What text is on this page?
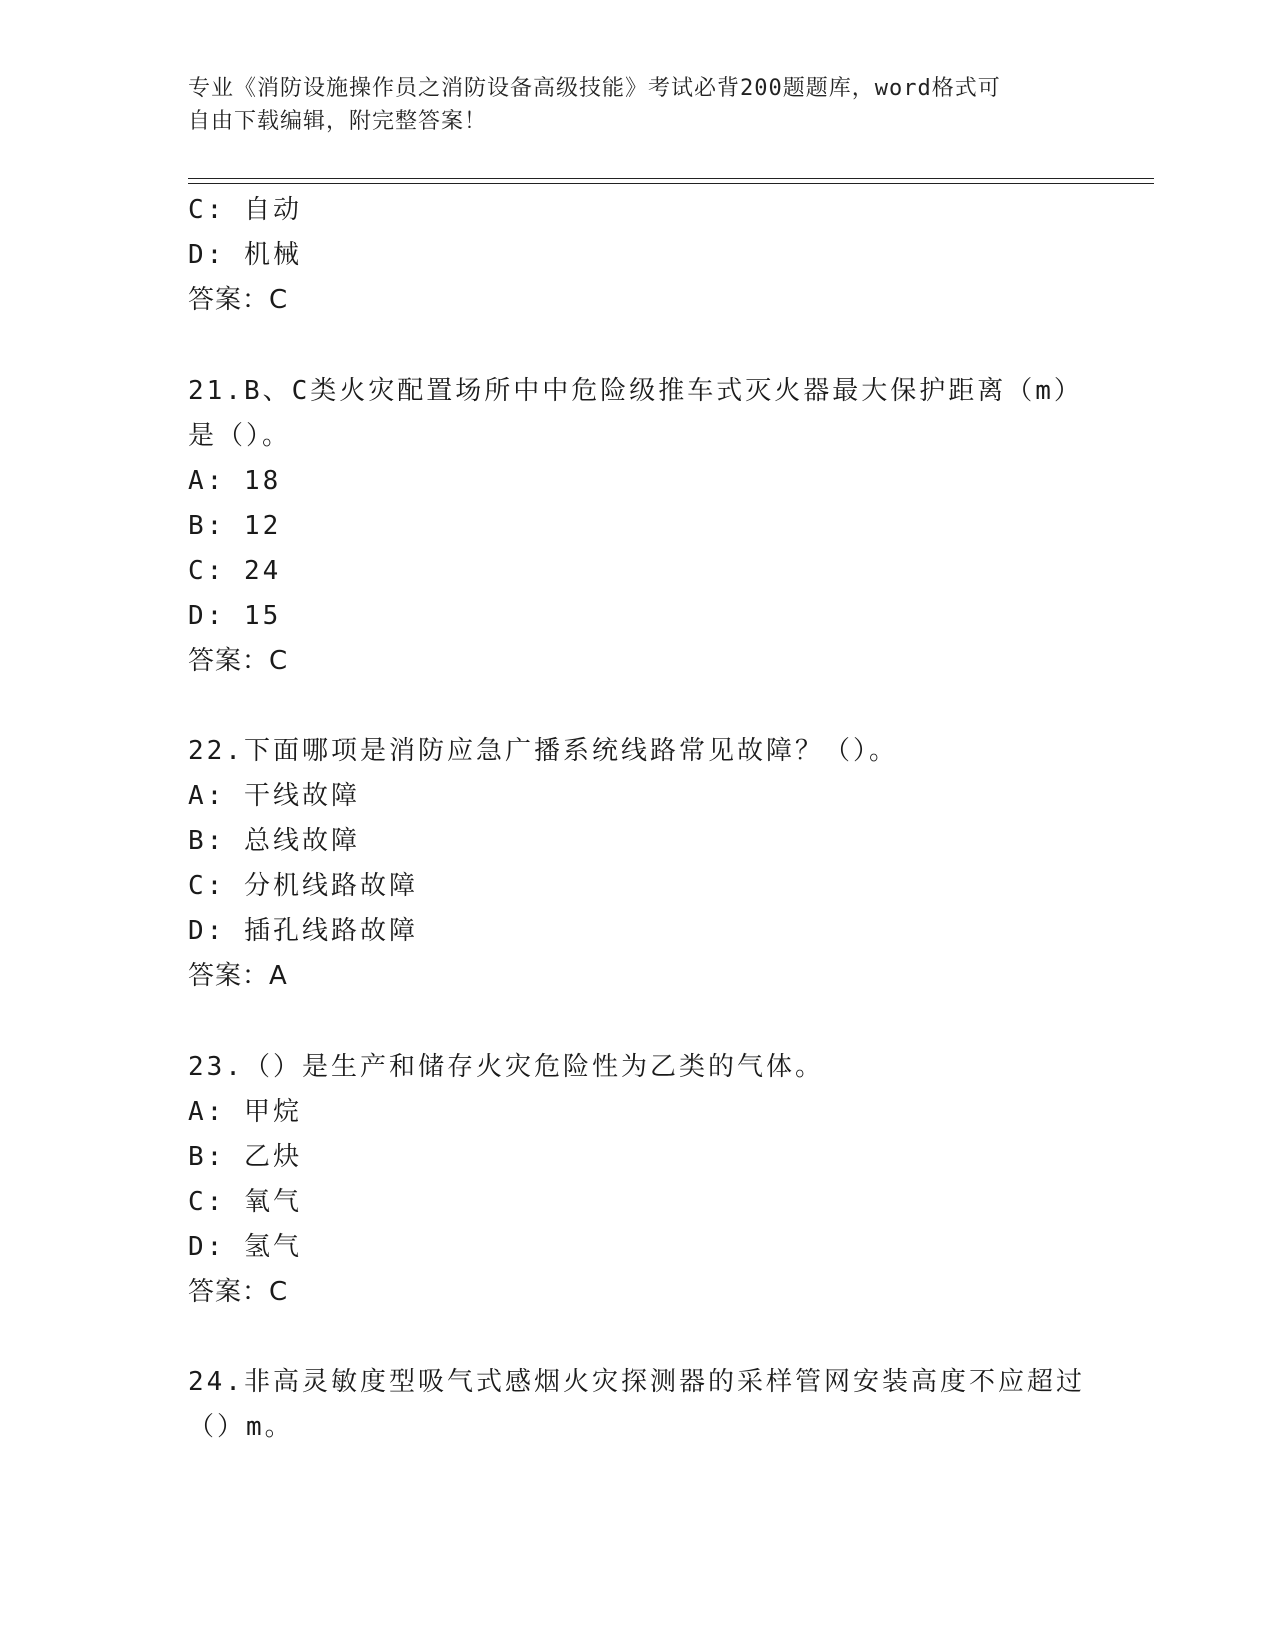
专业《消防设施操作员之消防设备高级技能》考试必背200题题库，word格式可
自由下载编辑，附完整答案！
C: 自动
D: 机械
答案：C
21.B、C类火灾配置场所中中危险级推车式灭火器最大保护距离（m）
是（）。
A: 18
B: 12
C: 24
D: 15
答案：C
22.下面哪项是消防应急广播系统线路常见故障？（）。
A: 干线故障
B: 总线故障
C: 分机线路故障
D: 插孔线路故障
答案：A
23.（）是生产和储存火灾危险性为乙类的气体。
A: 甲烷
B: 乙炔
C: 氧气
D: 氢气
答案：C
24.非高灵敏度型吸气式感烟火灾探测器的采样管网安装高度不应超过
（）m。
